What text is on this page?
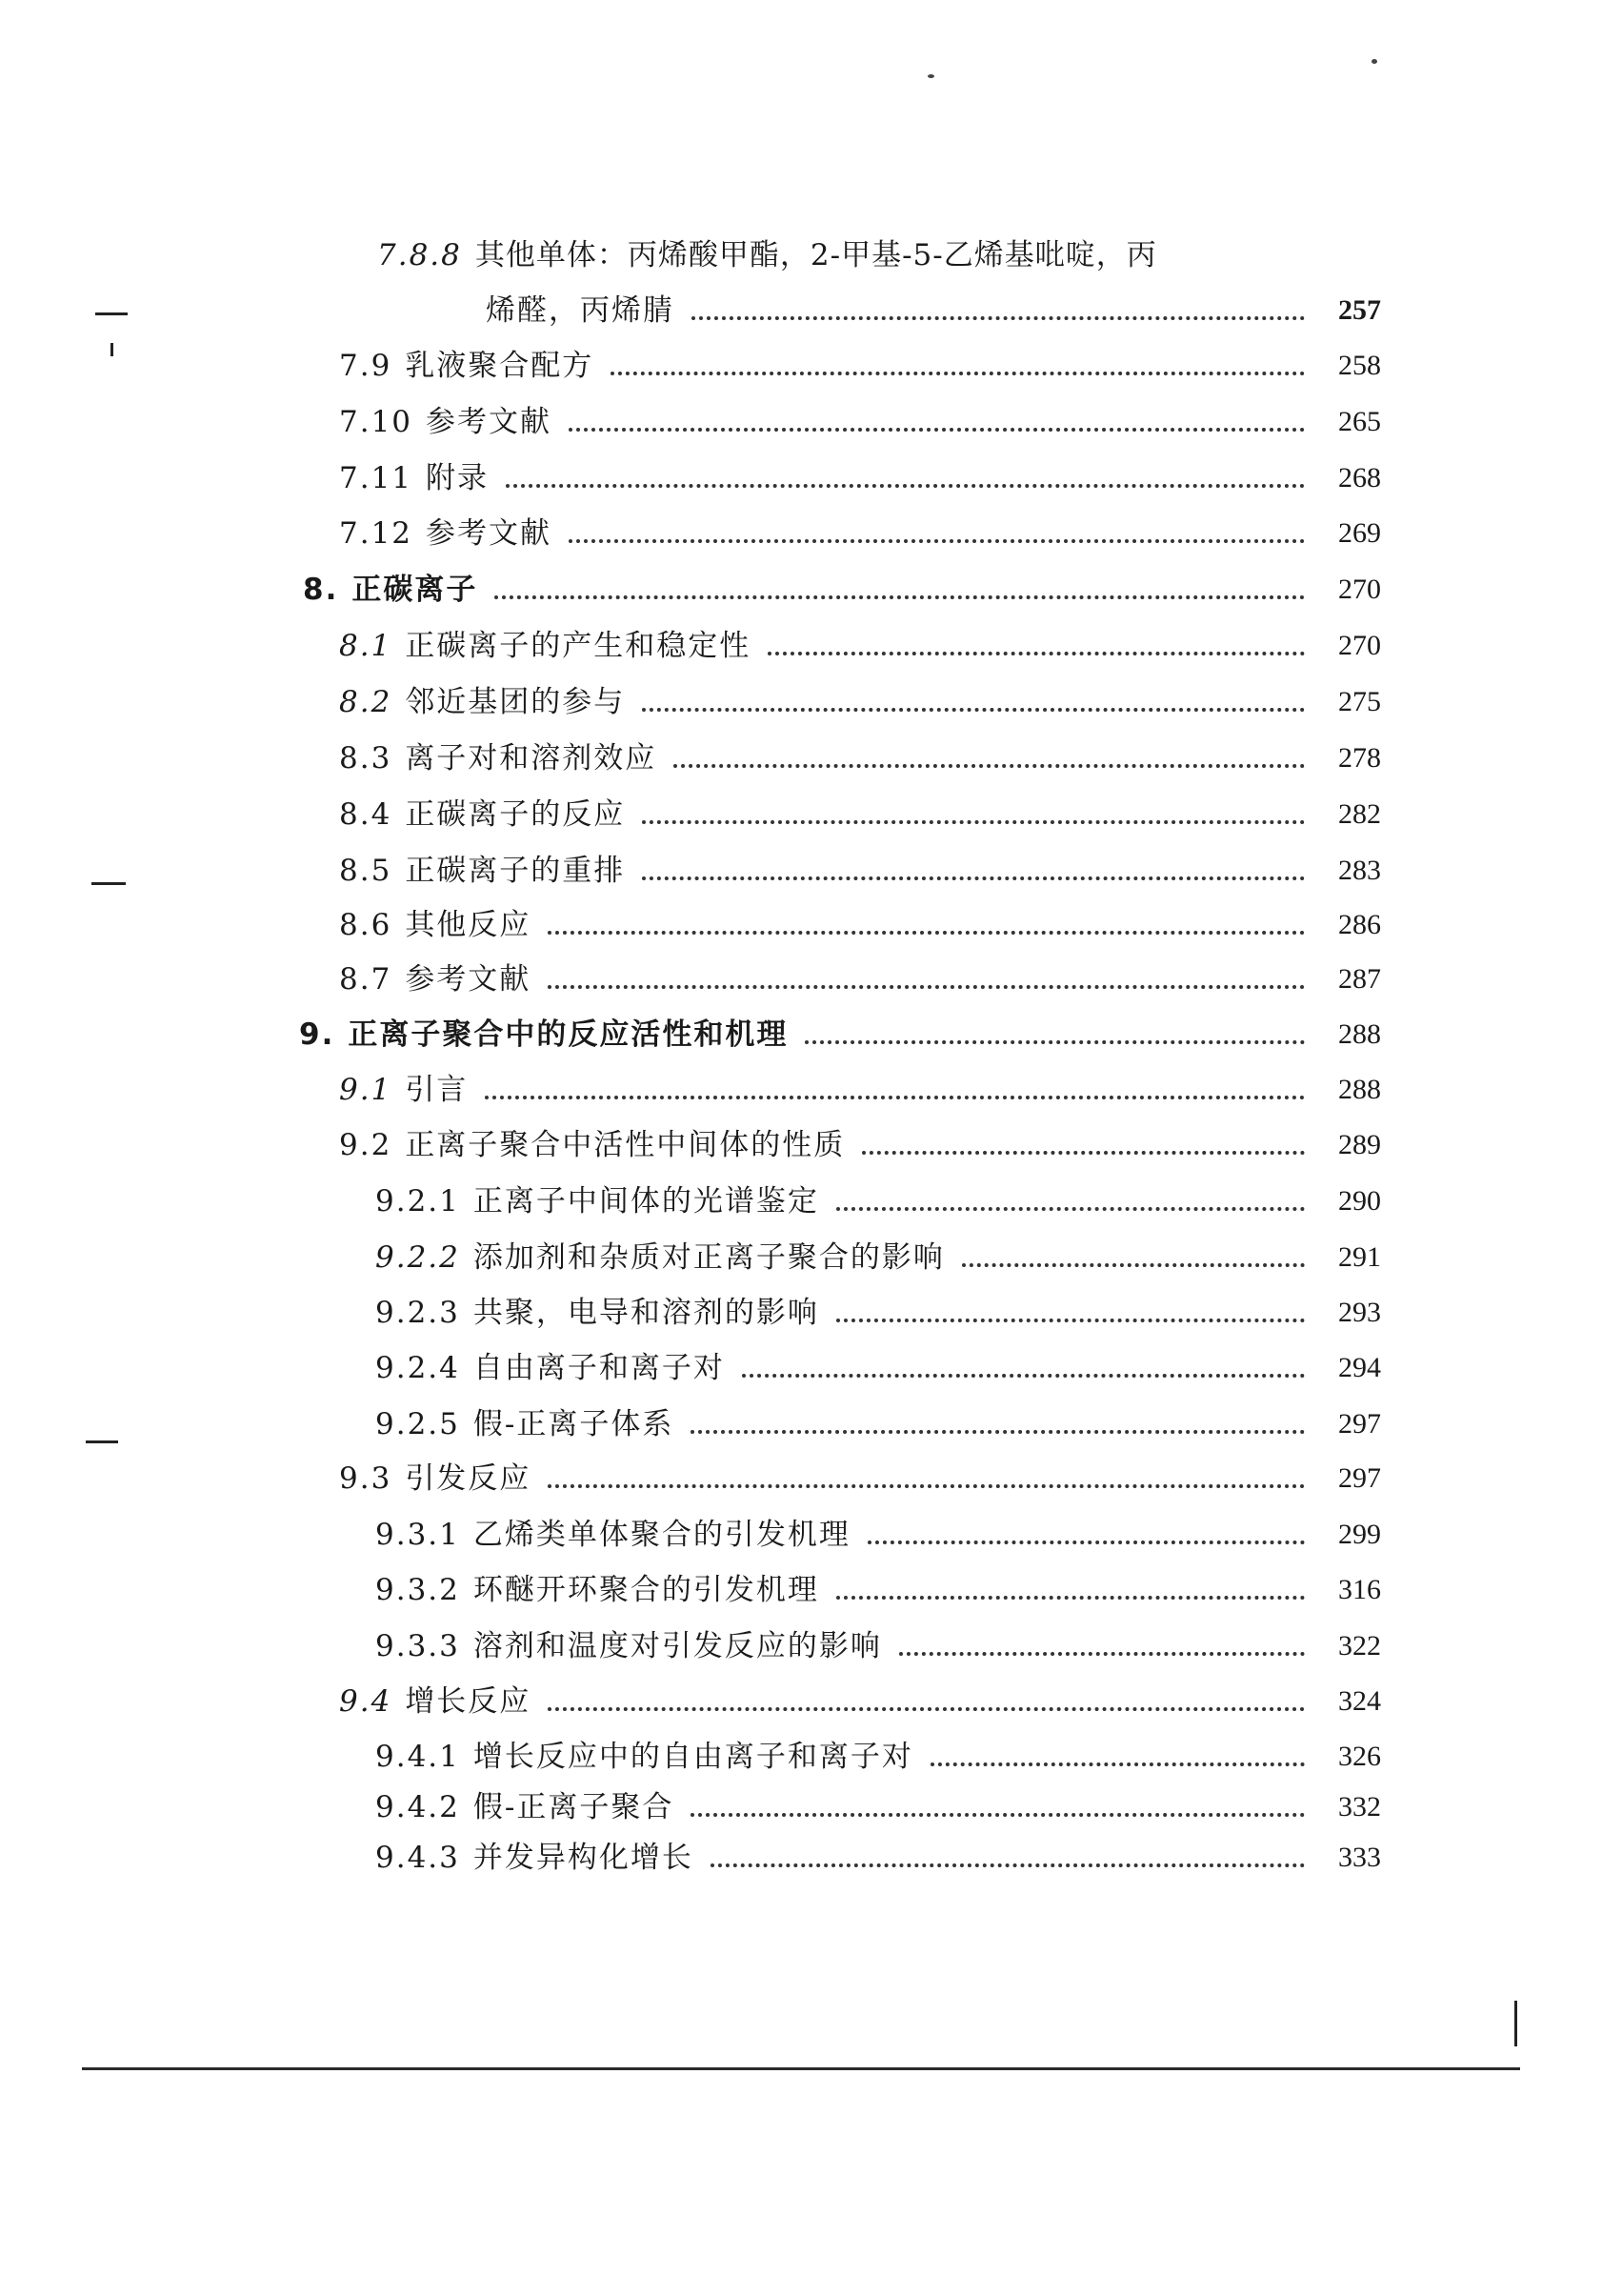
7.8.8 其他单体：丙烯酸甲酯，2-甲基-5-乙烯基吡啶，丙
烯醛，丙烯腈	257
7.9 乳液聚合配方	258
7.10 参考文献	265
7.11 附录	268
7.12 参考文献	269
8. 正碳离子	270
8.1 正碳离子的产生和稳定性	270
8.2 邻近基团的参与	275
8.3 离子对和溶剂效应	278
8.4 正碳离子的反应	282
8.5 正碳离子的重排	283
8.6 其他反应	286
8.7 参考文献	287
9. 正离子聚合中的反应活性和机理	288
9.1 引言	288
9.2 正离子聚合中活性中间体的性质	289
9.2.1 正离子中间体的光谱鉴定	290
9.2.2 添加剂和杂质对正离子聚合的影响	291
9.2.3 共聚，电导和溶剂的影响	293
9.2.4 自由离子和离子对	294
9.2.5 假-正离子体系	297
9.3 引发反应	297
9.3.1 乙烯类单体聚合的引发机理	299
9.3.2 环醚开环聚合的引发机理	316
9.3.3 溶剂和温度对引发反应的影响	322
9.4 增长反应	324
9.4.1 增长反应中的自由离子和离子对	326
9.4.2 假-正离子聚合	332
9.4.3 并发异构化增长	333
